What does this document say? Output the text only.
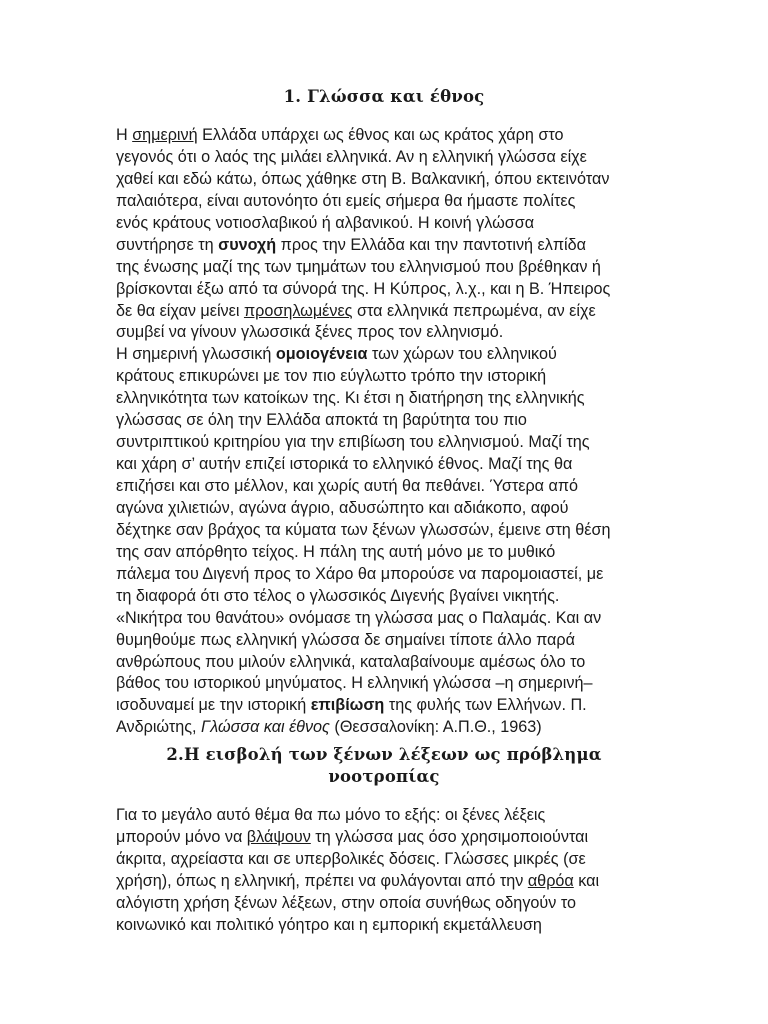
1. Γλώσσα και έθνος
Η σημερινή Ελλάδα υπάρχει ως έθνος και ως κράτος χάρη στο
γεγονός ότι ο λαός της μιλάει ελληνικά. Αν η ελληνική γλώσσα είχε
χαθεί και εδώ κάτω, όπως χάθηκε στη Β. Βαλκανική, όπου εκτεινόταν
παλαιότερα, είναι αυτονόητο ότι εμείς σήμερα θα ήμαστε πολίτες
ενός κράτους νοτιοσλαβικού ή αλβανικού. Η κοινή γλώσσα
συντήρησε τη συνοχή προς την Ελλάδα και την παντοτινή ελπίδα
της ένωσης μαζί της των τμημάτων του ελληνισμού που βρέθηκαν ή
βρίσκονται έξω από τα σύνορά της. Η Κύπρος, λ.χ., και η Β. Ήπειρος
δε θα είχαν μείνει προσηλωμένες στα ελληνικά πεπρωμένα, αν είχε
συμβεί να γίνουν γλωσσικά ξένες προς τον ελληνισμό.
Η σημερινή γλωσσική ομοιογένεια των χώρων του ελληνικού
κράτους επικυρώνει με τον πιο εύγλωττο τρόπο την ιστορική
ελληνικότητα των κατοίκων της. Κι έτσι η διατήρηση της ελληνικής
γλώσσας σε όλη την Ελλάδα αποκτά τη βαρύτητα του πιο
συντριπτικού κριτηρίου για την επιβίωση του ελληνισμού. Μαζί της
και χάρη σ’ αυτήν επιζεί ιστορικά το ελληνικό έθνος. Μαζί της θα
επιζήσει και στο μέλλον, και χωρίς αυτή θα πεθάνει. Ύστερα από
αγώνα χιλιετιών, αγώνα άγριο, αδυσώπητο και αδιάκοπο, αφού
δέχτηκε σαν βράχος τα κύματα των ξένων γλωσσών, έμεινε στη θέση
της σαν απόρθητο τείχος. Η πάλη της αυτή μόνο με το μυθικό
πάλεμα του Διγενή προς το Χάρο θα μπορούσε να παρομοιαστεί, με
τη διαφορά ότι στο τέλος ο γλωσσικός Διγενής βγαίνει νικητής.
«Νικήτρα του θανάτου» ονόμασε τη γλώσσα μας ο Παλαμάς. Και αν
θυμηθούμε πως ελληνική γλώσσα δε σημαίνει τίποτε άλλο παρά
ανθρώπους που μιλούν ελληνικά, καταλαβαίνουμε αμέσως όλο το
βάθος του ιστορικού μηνύματος. Η ελληνική γλώσσα –η σημερινή–
ισοδυναμεί με την ιστορική επιβίωση της φυλής των Ελλήνων. Π.
Ανδριώτης, Γλώσσα και έθνος (Θεσσαλονίκη: Α.Π.Θ., 1963)
2.Η εισβολή των ξένων λέξεων ως πρόβλημα
νοοτροπίας
Για το μεγάλο αυτό θέμα θα πω μόνο το εξής: οι ξένες λέξεις
μπορούν μόνο να βλάψουν τη γλώσσα μας όσο χρησιμοποιούνται
άκριτα, αχρείαστα και σε υπερβολικές δόσεις. Γλώσσες μικρές (σε
χρήση), όπως η ελληνική, πρέπει να φυλάγονται από την αθρόα και
αλόγιστη χρήση ξένων λέξεων, στην οποία συνήθως οδηγούν το
κοινωνικό και πολιτικό γόητρο και η εμπορική εκμετάλλευση
